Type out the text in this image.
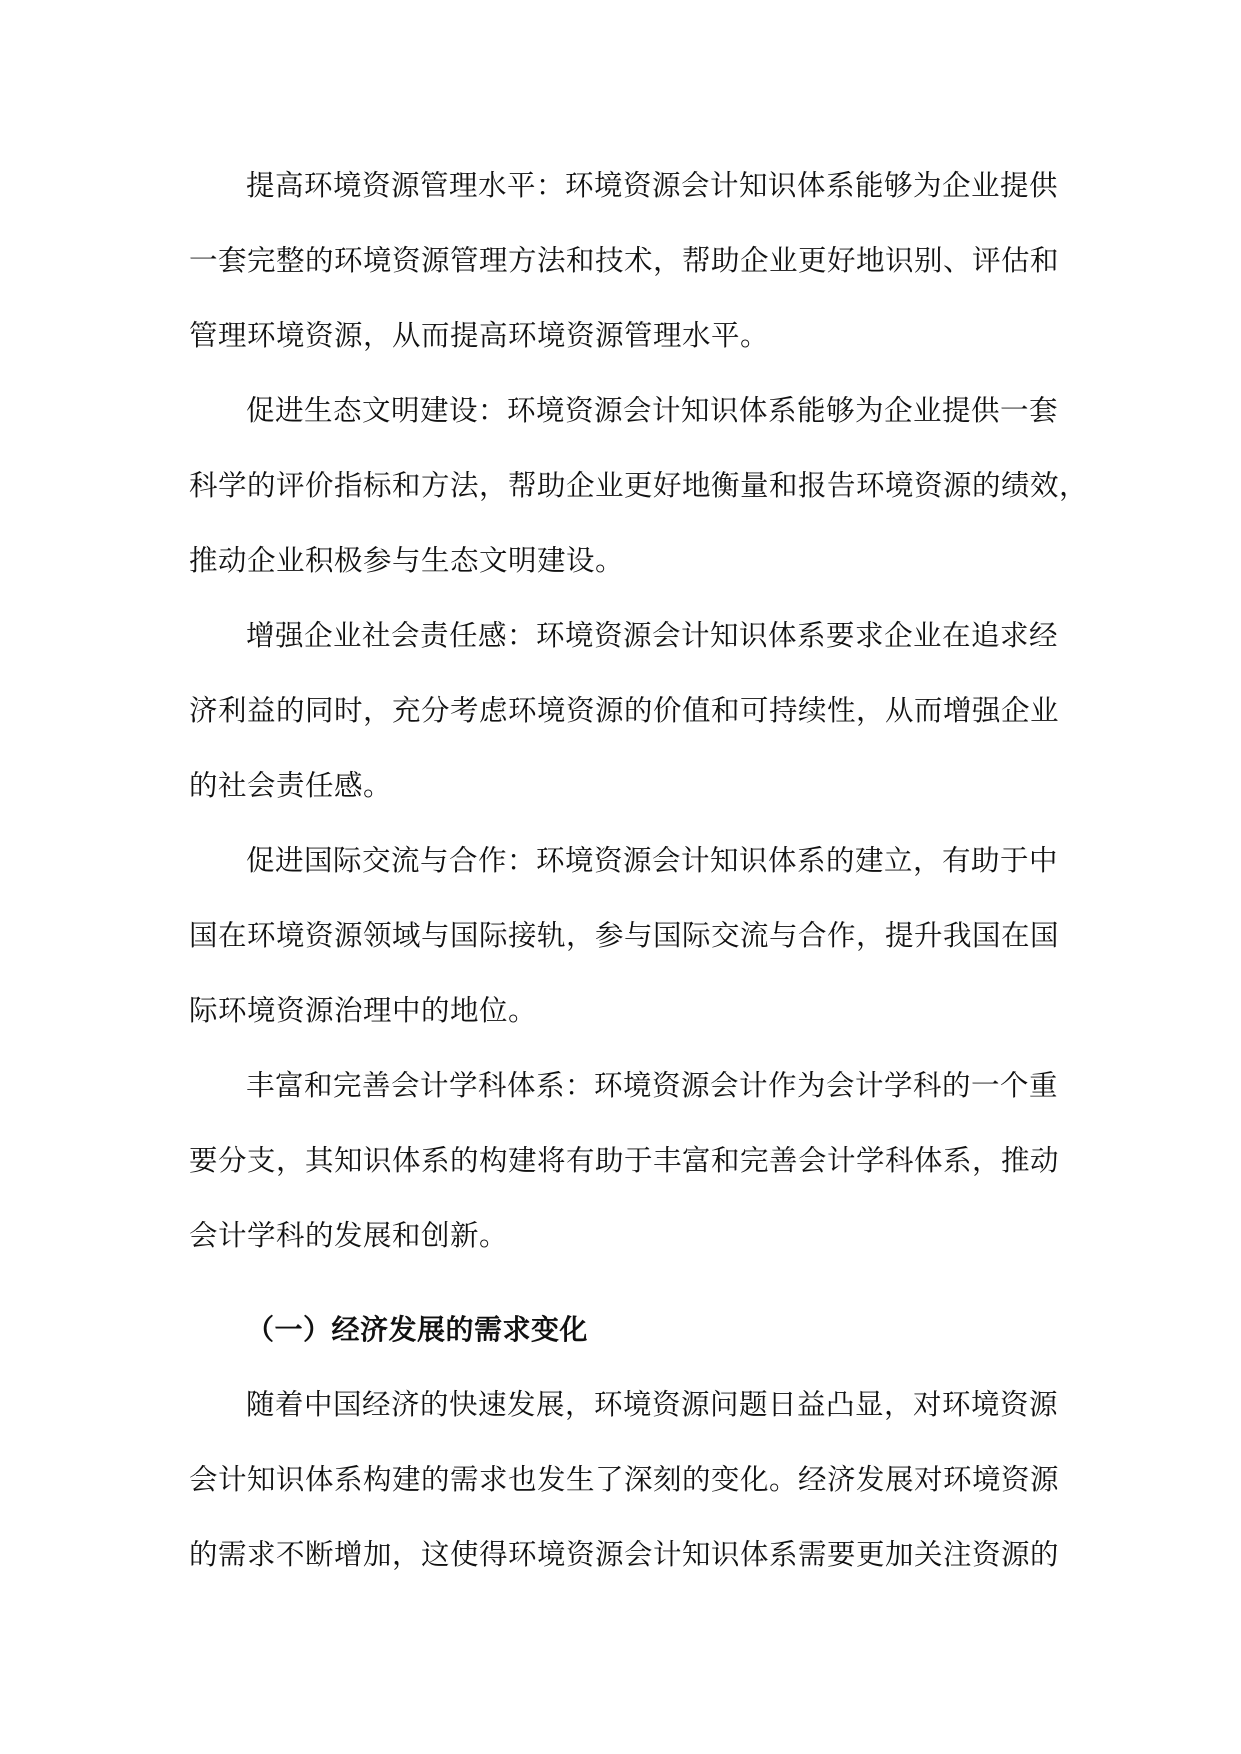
提高环境资源管理水平：环境资源会计知识体系能够为企业提供
一套完整的环境资源管理方法和技术，帮助企业更好地识别、评估和
管理环境资源，从而提高环境资源管理水平。

促进生态文明建设：环境资源会计知识体系能够为企业提供一套
科学的评价指标和方法，帮助企业更好地衡量和报告环境资源的绩效，
推动企业积极参与生态文明建设。

增强企业社会责任感：环境资源会计知识体系要求企业在追求经
济利益的同时，充分考虑环境资源的价值和可持续性，从而增强企业
的社会责任感。

促进国际交流与合作：环境资源会计知识体系的建立，有助于中
国在环境资源领域与国际接轨，参与国际交流与合作，提升我国在国
际环境资源治理中的地位。

丰富和完善会计学科体系：环境资源会计作为会计学科的一个重
要分支，其知识体系的构建将有助于丰富和完善会计学科体系，推动
会计学科的发展和创新。

（一）经济发展的需求变化

随着中国经济的快速发展，环境资源问题日益凸显，对环境资源
会计知识体系构建的需求也发生了深刻的变化。经济发展对环境资源
的需求不断增加，这使得环境资源会计知识体系需要更加关注资源的
